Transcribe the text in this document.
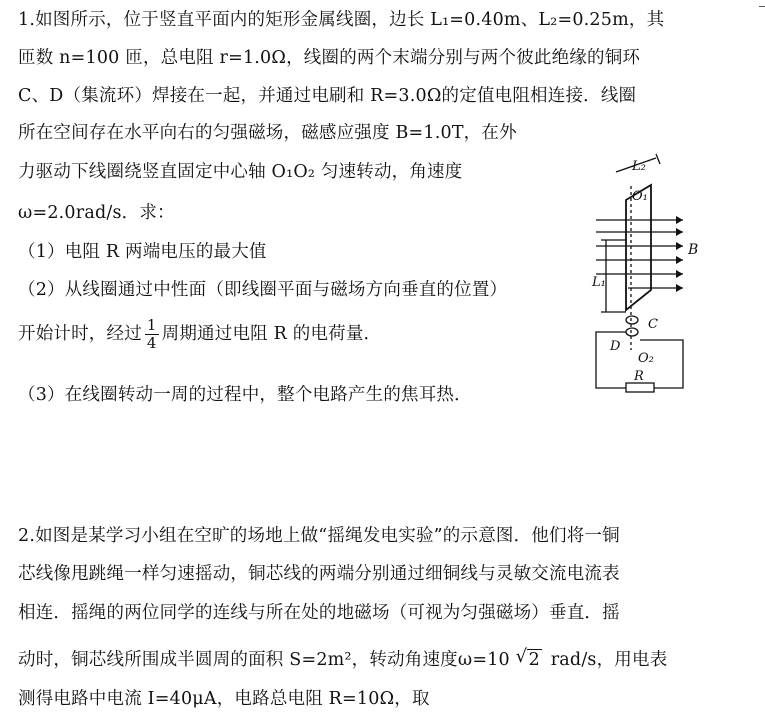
1.如图所示，位于竖直平面内的矩形金属线圈，边长 L₁=0.40m、L₂=0.25m，其
匝数 n=100 匝，总电阻 r=1.0Ω，线圈的两个末端分别与两个彼此绝缘的铜环
C、D（集流环）焊接在一起，并通过电刷和 R=3.0Ω的定值电阻相连接．线圈
所在空间存在水平向右的匀强磁场，磁感应强度 B=1.0T，在外
力驱动下线圈绕竖直固定中心轴 O₁O₂ 匀速转动，角速度
ω=2.0rad/s．求：
（1）电阻 R 两端电压的最大值
（2）从线圈通过中性面（即线圈平面与磁场方向垂直的位置）
开始计时，经过 $\frac{1}{4}$ 周期通过电阻 R 的电荷量．
（3）在线圈转动一周的过程中，整个电路产生的焦耳热．
L₂
O₁
B
L₁
C
D
O₂
R
2.如图是某学习小组在空旷的场地上做“摇绳发电实验”的示意图．他们将一铜
芯线像甩跳绳一样匀速摇动，铜芯线的两端分别通过细铜线与灵敏交流电流表
相连．摇绳的两位同学的连线与所在处的地磁场（可视为匀强磁场）垂直．摇
动时，铜芯线所围成半圆周的面积 S=2m²，转动角速度ω=10 √ 2 rad/s，用电表
测得电路中电流 I=40μA，电路总电阻 R=10Ω，取
